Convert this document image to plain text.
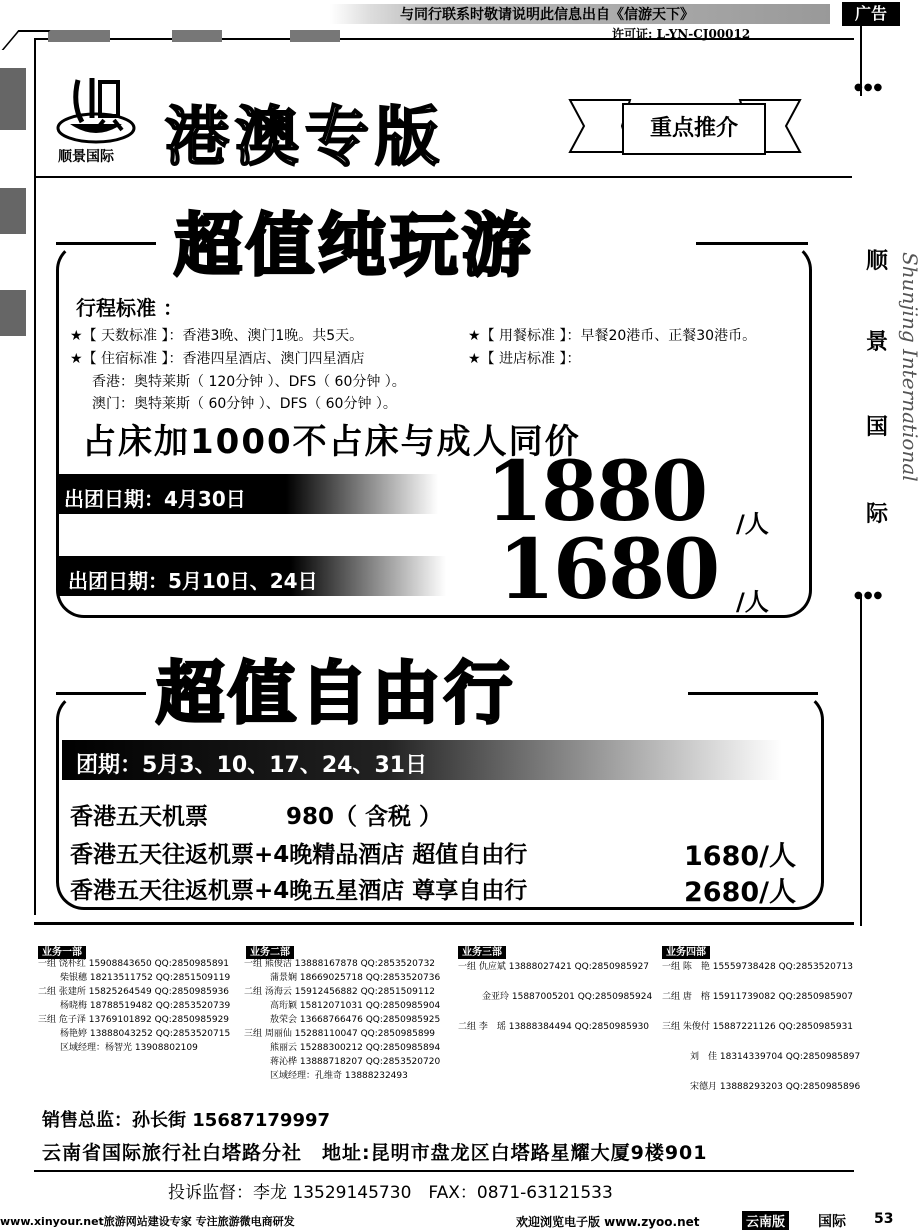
与同行联系时敬请说明此信息出自《信游天下》	广告
许可证: L-YN-CJ00012
●●●
●●●
顺景国际 港澳专版	重点推介
顺
景
国
际
Shunjing International
超值纯玩游
行程标准 ：
★【 天数标准 】：香港3晚、澳门1晚。共5天。
★【 住宿标准 】：香港四星酒店、澳门四星酒店
香港：奥特莱斯（ 120分钟 ）、DFS（ 60分钟 ）。
澳门：奥特莱斯（ 60分钟 ）、DFS（ 60分钟 ）。
★【 用餐标准 】：早餐20港币、正餐30港币。
★【 进店标准 】：
占床加1000不占床与成人同价
出团日期：4月30日	1880 /人
出团日期：5月10日、24日 1680 /人
超值自由行
团期：5月3、10、17、24、31日
香港五天机票	980（ 含税 ）
香港五天往返机票+4晚精品酒店 超值自由行	1680/人
香港五天往返机票+4晚五星酒店 尊享自由行	2680/人
业务一部
一组 饶朴红 15908843650 QQ:2850985891
柴银穗 18213511752 QQ:2851509119
二组 张建所 15825264549 QQ:2850985936
杨晓梅 18788519482 QQ:2853520739
三组 危子泽 13769101892 QQ:2850985929
杨艳婷 13888043252 QQ:2853520715
区域经理：杨智光 13908802109
业务二部
一组 熊俊洁 13888167878 QQ:2853520732
蒲景娴 18669025718 QQ:2853520736
二组 汤海云 15912456882 QQ:2851509112
高珩颖 15812071031 QQ:2850985904
敖荣会 13668766476 QQ:2850985925
三组 周丽仙 15288110047 QQ:2850985899
熊丽云 15288300212 QQ:2850985894
蒋沁桦 13888718207 QQ:2853520720
区域经理：孔维奇 13888232493
业务三部
一组 仇应斌 13888027421 QQ:2850985927
金亚玲 15887005201 QQ:2850985924
二组 李　瑶 13888384494 QQ:2850985930
业务四部
一组 陈　艳 15559738428 QQ:2853520713
二组 唐　榕 15911739082 QQ:2850985907
三组 朱俊付 15887221126 QQ:2850985931
刘　佳 18314339704 QQ:2850985897
宋德月 13888293203 QQ:2850985896
销售总监：孙长街 15687179997
云南省国际旅行社白塔路分社　地址:昆明市盘龙区白塔路星耀大厦9楼901
投诉监督：李龙 13529145730　FAX：0871-63121533
www.xinyour.net旅游网站建设专家 专注旅游微电商研发	欢迎浏览电子版 www.zyoo.net	云南版 国际 53
